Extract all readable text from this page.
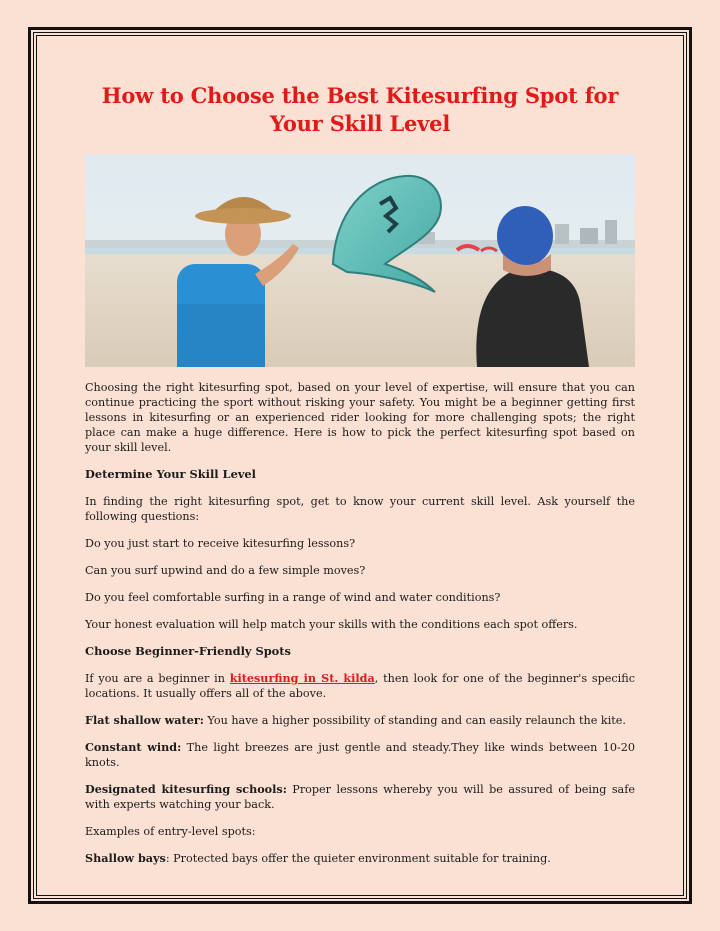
How to Choose the Best Kitesurfing Spot for Your Skill Level

Choosing the right kitesurfing spot, based on your level of expertise, will ensure that you can continue practicing the sport without risking your safety. You might be a beginner getting first lessons in kitesurfing or an experienced rider looking for more challenging spots; the right place can make a huge difference. Here is how to pick the perfect kitesurfing spot based on your skill level.

Determine Your Skill Level

In finding the right kitesurfing spot, get to know your current skill level. Ask yourself the following questions:

Do you just start to receive kitesurfing lessons?

Can you surf upwind and do a few simple moves?

Do you feel comfortable surfing in a range of wind and water conditions?

Your honest evaluation will help match your skills with the conditions each spot offers.

Choose Beginner-Friendly Spots

If you are a beginner in kitesurfing in St. kilda, then look for one of the beginner's specific locations. It usually offers all of the above.

Flat shallow water: You have a higher possibility of standing and can easily relaunch the kite.

Constant wind: The light breezes are just gentle and steady.They like winds between 10-20 knots.

Designated kitesurfing schools: Proper lessons whereby you will be assured of being safe with experts watching your back.

Examples of entry-level spots:

Shallow bays: Protected bays offer the quieter environment suitable for training.
